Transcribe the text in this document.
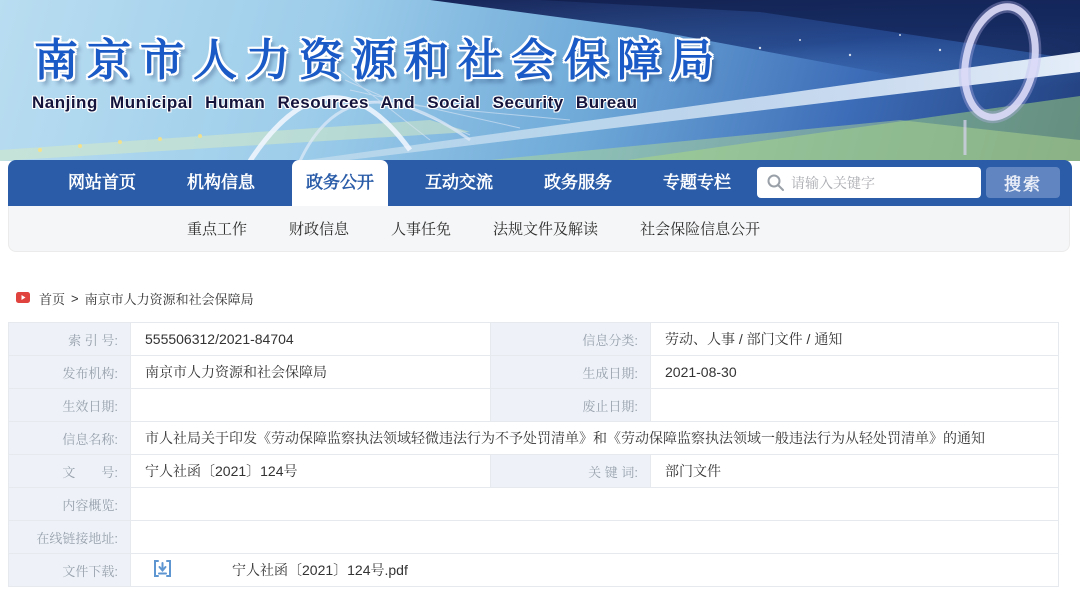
南京市人力资源和社会保障局
Nanjing Municipal Human Resources And Social Security Bureau
网站首页	机构信息	政务公开	互动交流	政务服务	专题专栏
请输入关键字	搜索
重点工作	财政信息	人事任免	法规文件及解读	社会保险信息公开
首页 > 南京市人力资源和社会保障局
索 引 号:	555506312/2021-84704	信息分类:	劳动、人事 / 部门文件 / 通知
发布机构:	南京市人力资源和社会保障局	生成日期:	2021-08-30
生效日期:		废止日期:	
信息名称:	市人社局关于印发《劳动保障监察执法领域轻微违法行为不予处罚清单》和《劳动保障监察执法领域一般违法行为从轻处罚清单》的通知		
文　　号:	宁人社函〔2021〕124号	关 键 词:	部门文件
内容概览:			
在线链接地址:			
文件下载:	宁人社函〔2021〕124号.pdf		
